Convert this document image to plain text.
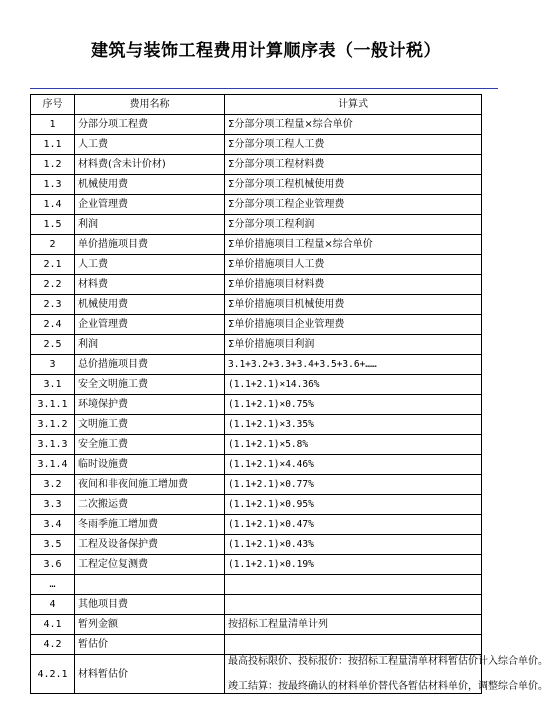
建筑与装饰工程费用计算顺序表（一般计税）
序号	费用名称	计算式
1	分部分项工程费	Σ分部分项工程量×综合单价
1.1	人工费	Σ分部分项工程人工费
1.2	材料费(含未计价材)	Σ分部分项工程材料费
1.3	机械使用费	Σ分部分项工程机械使用费
1.4	企业管理费	Σ分部分项工程企业管理费
1.5	利润	Σ分部分项工程利润
2	单价措施项目费	Σ单价措施项目工程量×综合单价
2.1	人工费	Σ单价措施项目人工费
2.2	材料费	Σ单价措施项目材料费
2.3	机械使用费	Σ单价措施项目机械使用费
2.4	企业管理费	Σ单价措施项目企业管理费
2.5	利润	Σ单价措施项目利润
3	总价措施项目费	3.1+3.2+3.3+3.4+3.5+3.6+……
3.1	安全文明施工费	(1.1+2.1)×14.36%
3.1.1	环境保护费	(1.1+2.1)×0.75%
3.1.2	文明施工费	(1.1+2.1)×3.35%
3.1.3	安全施工费	(1.1+2.1)×5.8%
3.1.4	临时设施费	(1.1+2.1)×4.46%
3.2	夜间和非夜间施工增加费	(1.1+2.1)×0.77%
3.3	二次搬运费	(1.1+2.1)×0.95%
3.4	冬雨季施工增加费	(1.1+2.1)×0.47%
3.5	工程及设备保护费	(1.1+2.1)×0.43%
3.6	工程定位复测费	(1.1+2.1)×0.19%
…		
4	其他项目费	
4.1	暂列金额	按招标工程量清单计列
4.2	暂估价	
4.2.1	材料暂估价	最高投标限价、投标报价：按招标工程量清单材料暂估价计入综合单价。

竣工结算：按最终确认的材料单价替代各暂估材料单价，调整综合单价。
